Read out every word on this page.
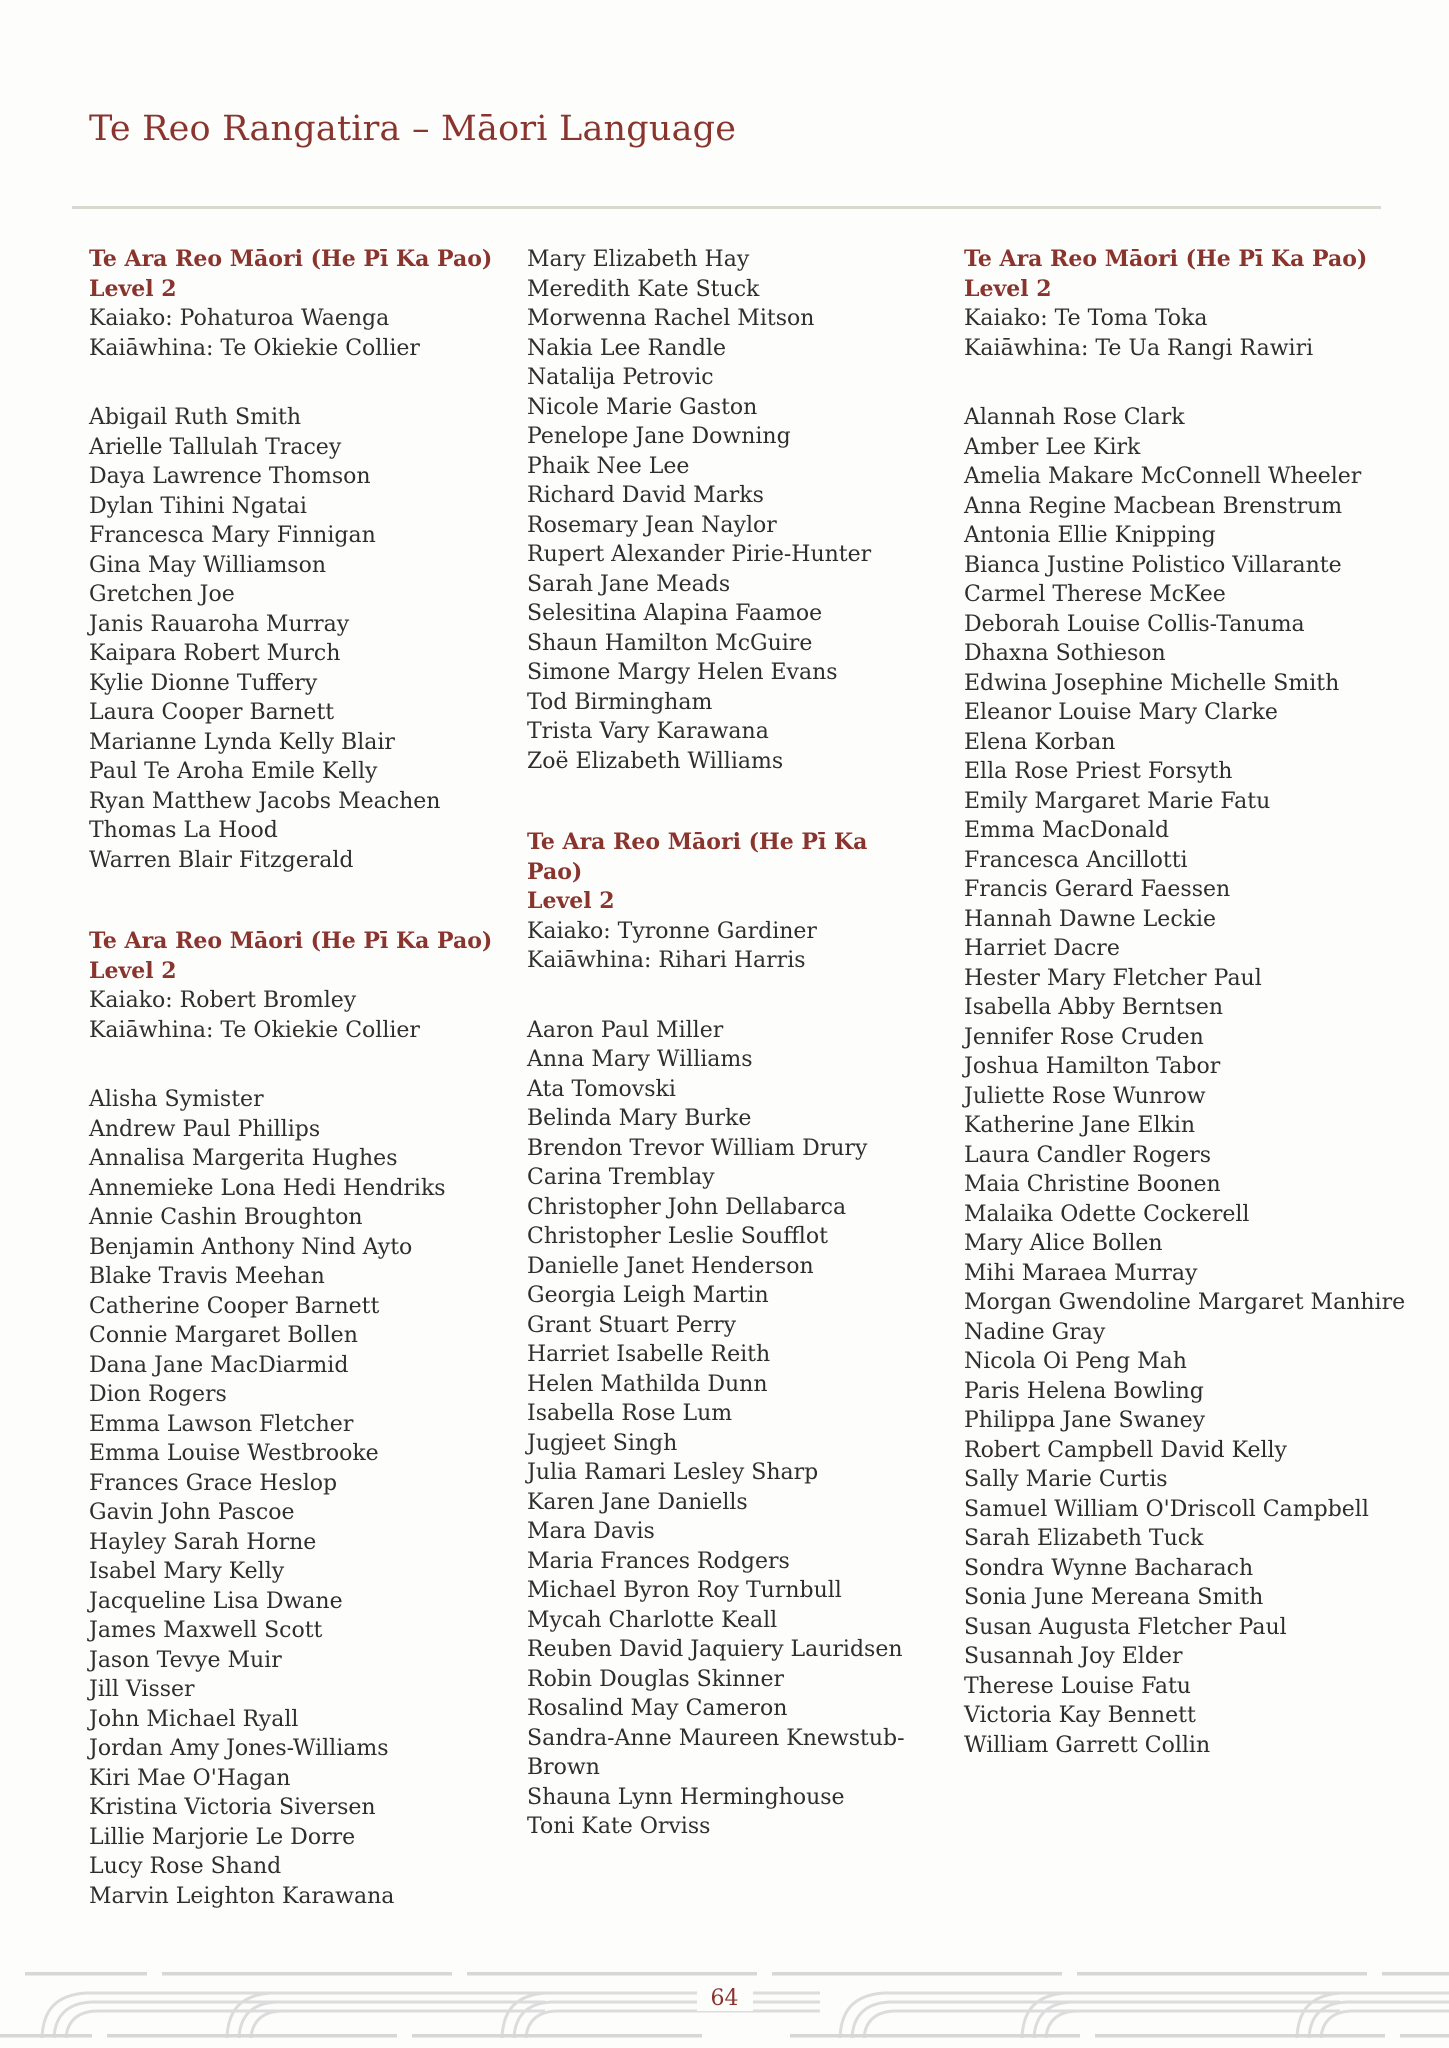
Te Reo Rangatira – Māori Language
Te Ara Reo Māori (He Pī Ka Pao)
Level 2
Kaiako: Pohaturoa Waenga
Kaiāwhina: Te Okiekie Collier
Abigail Ruth Smith
Arielle Tallulah Tracey
Daya Lawrence Thomson
Dylan Tihini Ngatai
Francesca Mary Finnigan
Gina May Williamson
Gretchen Joe
Janis Rauaroha Murray
Kaipara Robert Murch
Kylie Dionne Tuffery
Laura Cooper Barnett
Marianne Lynda Kelly Blair
Paul Te Aroha Emile Kelly
Ryan Matthew Jacobs Meachen
Thomas La Hood
Warren Blair Fitzgerald
Te Ara Reo Māori (He Pī Ka Pao)
Level 2
Kaiako: Robert Bromley
Kaiāwhina: Te Okiekie Collier
Alisha Symister
Andrew Paul Phillips
Annalisa Margerita Hughes
Annemieke Lona Hedi Hendriks
Annie Cashin Broughton
Benjamin Anthony Nind Ayto
Blake Travis Meehan
Catherine Cooper Barnett
Connie Margaret Bollen
Dana Jane MacDiarmid
Dion Rogers
Emma Lawson Fletcher
Emma Louise Westbrooke
Frances Grace Heslop
Gavin John Pascoe
Hayley Sarah Horne
Isabel Mary Kelly
Jacqueline Lisa Dwane
James Maxwell Scott
Jason Tevye Muir
Jill Visser
John Michael Ryall
Jordan Amy Jones-Williams
Kiri Mae O'Hagan
Kristina Victoria Siversen
Lillie Marjorie Le Dorre
Lucy Rose Shand
Marvin Leighton Karawana
Mary Elizabeth Hay
Meredith Kate Stuck
Morwenna Rachel Mitson
Nakia Lee Randle
Natalija Petrovic
Nicole Marie Gaston
Penelope Jane Downing
Phaik Nee Lee
Richard David Marks
Rosemary Jean Naylor
Rupert Alexander Pirie-Hunter
Sarah Jane Meads
Selesitina Alapina Faamoe
Shaun Hamilton McGuire
Simone Margy Helen Evans
Tod Birmingham
Trista Vary Karawana
Zoë Elizabeth Williams
Te Ara Reo Māori (He Pī Ka Pao)
Level 2
Kaiako: Tyronne Gardiner
Kaiāwhina: Rihari Harris
Aaron Paul Miller
Anna Mary Williams
Ata Tomovski
Belinda Mary Burke
Brendon Trevor William Drury
Carina Tremblay
Christopher John Dellabarca
Christopher Leslie Soufflot
Danielle Janet Henderson
Georgia Leigh Martin
Grant Stuart Perry
Harriet Isabelle Reith
Helen Mathilda Dunn
Isabella Rose Lum
Jugjeet Singh
Julia Ramari Lesley Sharp
Karen Jane Daniells
Mara Davis
Maria Frances Rodgers
Michael Byron Roy Turnbull
Mycah Charlotte Keall
Reuben David Jaquiery Lauridsen
Robin Douglas Skinner
Rosalind May Cameron
Sandra-Anne Maureen Knewstub-Brown
Shauna Lynn Herminghouse
Toni Kate Orviss
Te Ara Reo Māori (He Pī Ka Pao)
Level 2
Kaiako: Te Toma Toka
Kaiāwhina: Te Ua Rangi Rawiri
Alannah Rose Clark
Amber Lee Kirk
Amelia Makare McConnell Wheeler
Anna Regine Macbean Brenstrum
Antonia Ellie Knipping
Bianca Justine Polistico Villarante
Carmel Therese McKee
Deborah Louise Collis-Tanuma
Dhaxna Sothieson
Edwina Josephine Michelle Smith
Eleanor Louise Mary Clarke
Elena Korban
Ella Rose Priest Forsyth
Emily Margaret Marie Fatu
Emma MacDonald
Francesca Ancillotti
Francis Gerard Faessen
Hannah Dawne Leckie
Harriet Dacre
Hester Mary Fletcher Paul
Isabella Abby Berntsen
Jennifer Rose Cruden
Joshua Hamilton Tabor
Juliette Rose Wunrow
Katherine Jane Elkin
Laura Candler Rogers
Maia Christine Boonen
Malaika Odette Cockerell
Mary Alice Bollen
Mihi Maraea Murray
Morgan Gwendoline Margaret Manhire
Nadine Gray
Nicola Oi Peng Mah
Paris Helena Bowling
Philippa Jane Swaney
Robert Campbell David Kelly
Sally Marie Curtis
Samuel William O'Driscoll Campbell
Sarah Elizabeth Tuck
Sondra Wynne Bacharach
Sonia June Mereana Smith
Susan Augusta Fletcher Paul
Susannah Joy Elder
Therese Louise Fatu
Victoria Kay Bennett
William Garrett Collin
64
